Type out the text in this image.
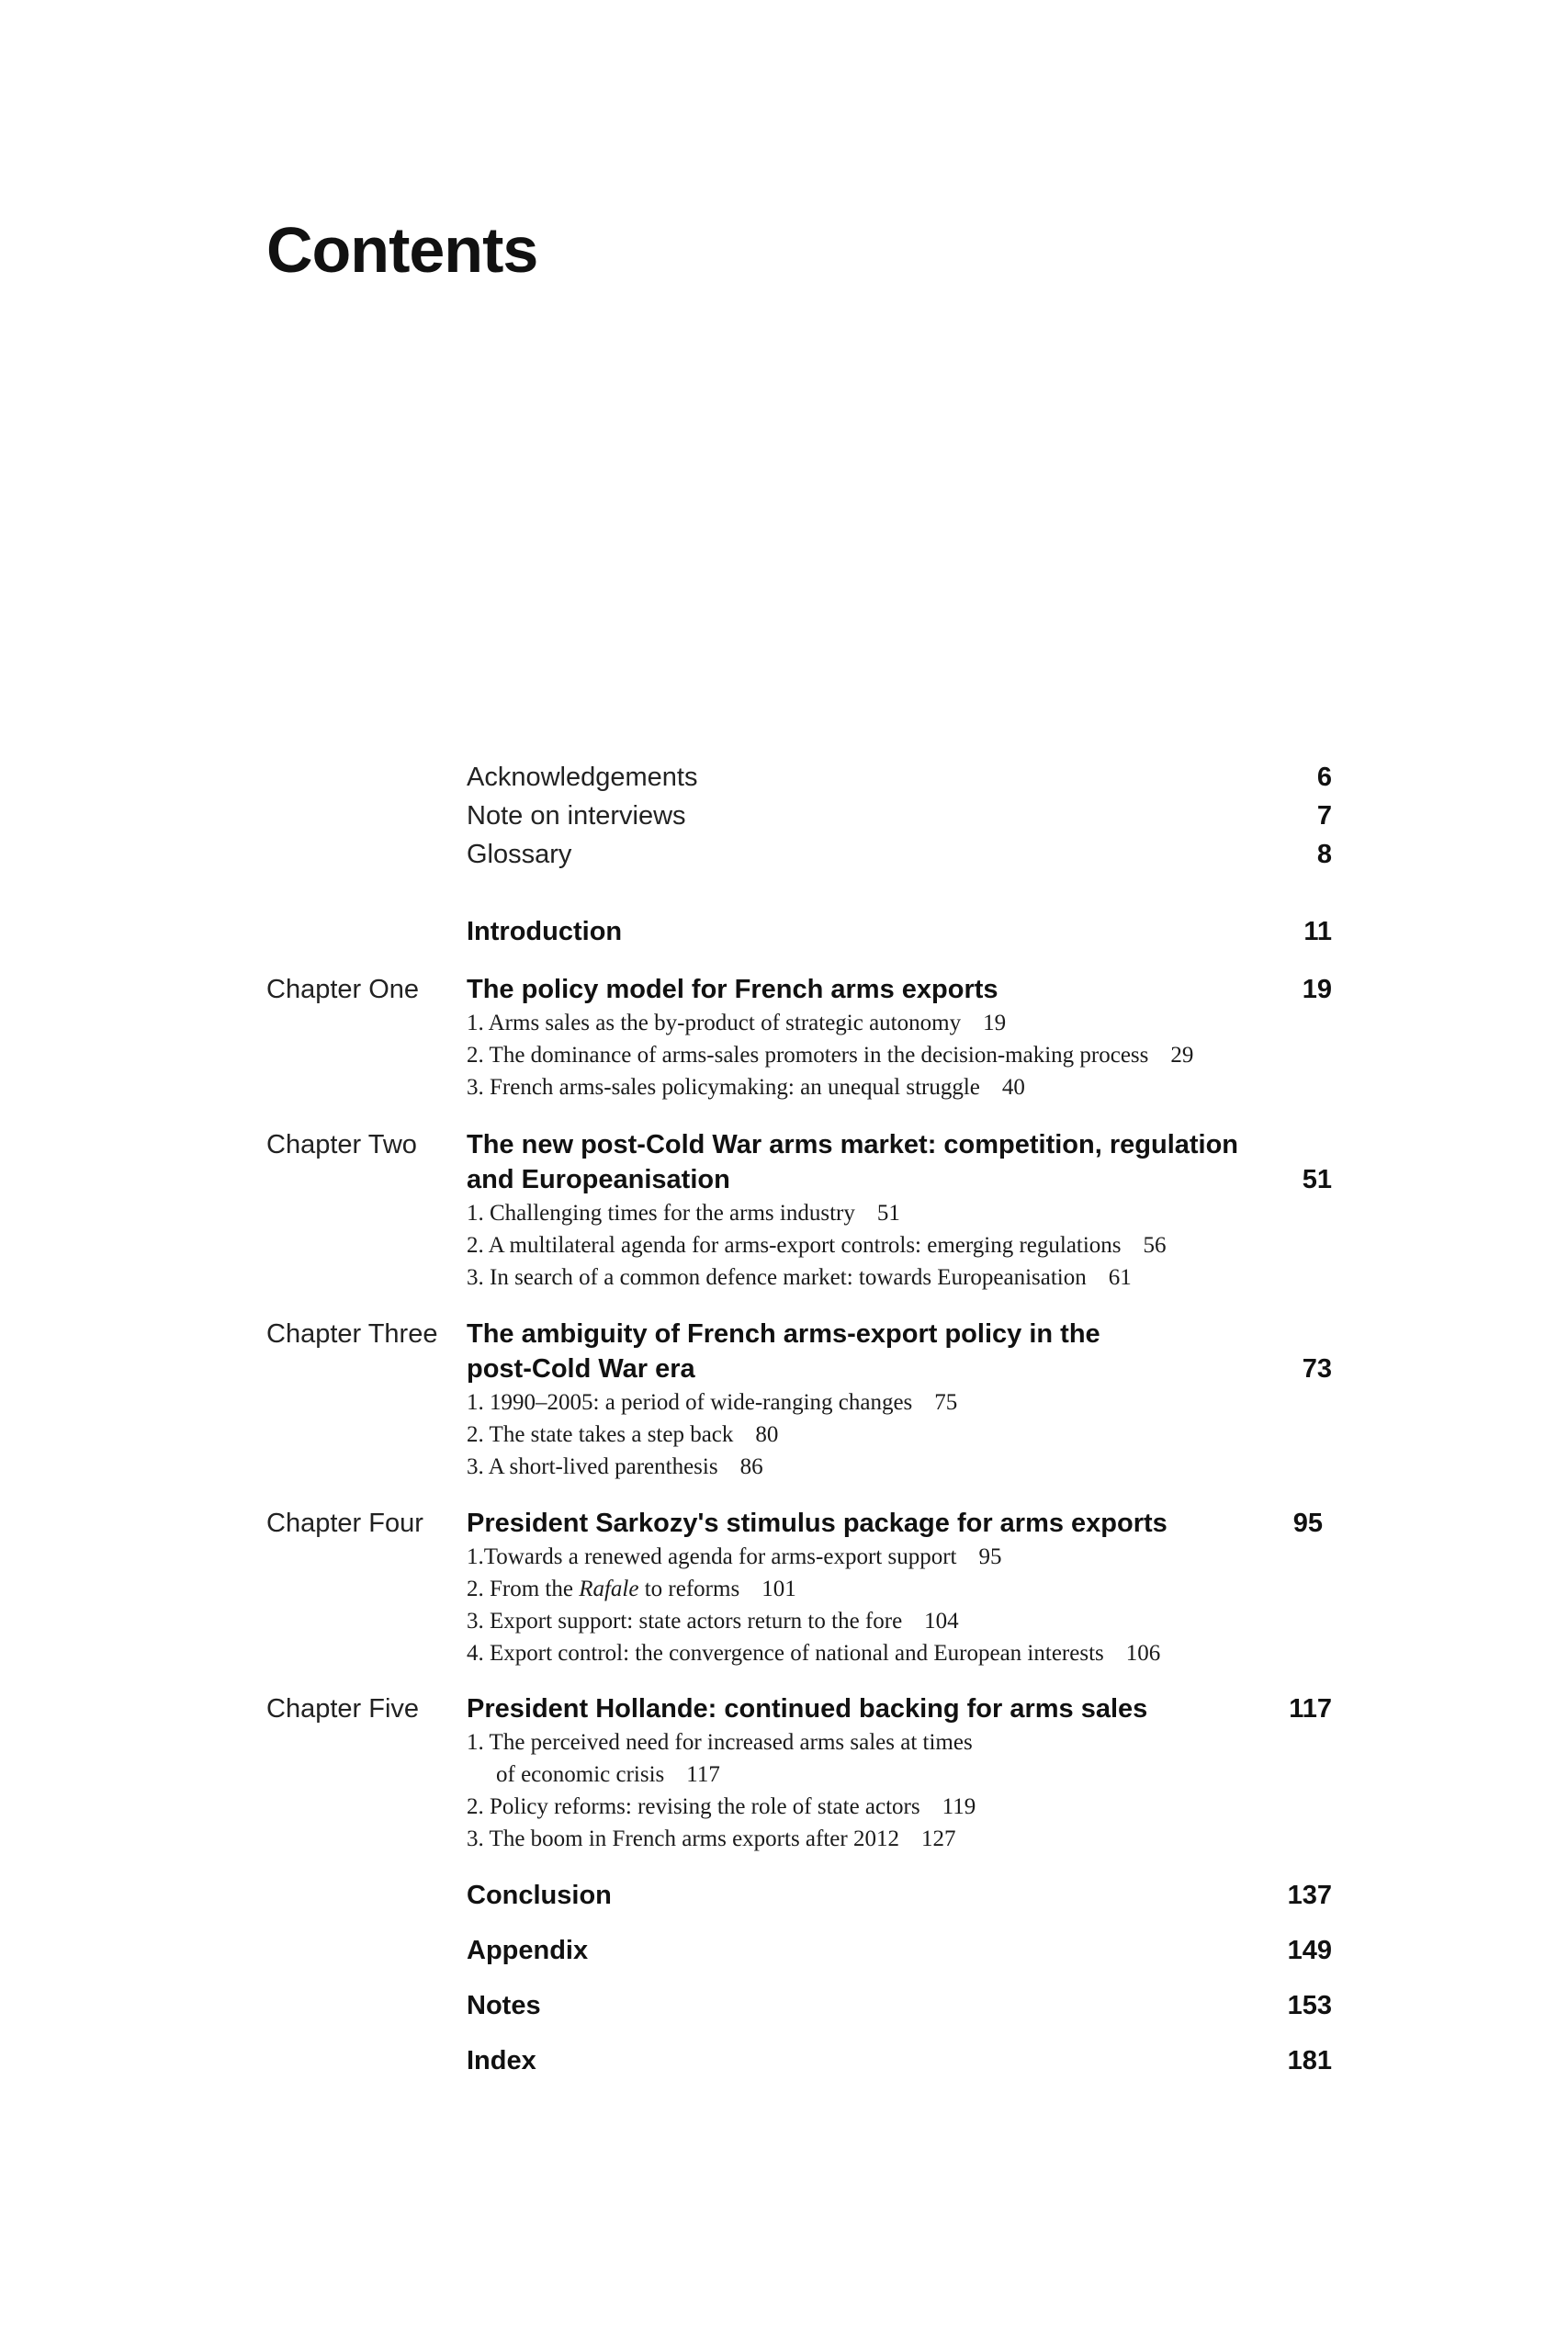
Contents
Acknowledgements	6
Note on interviews	7
Glossary	8
Introduction	11
Chapter One The policy model for French arms exports	19
1. Arms sales as the by-product of strategic autonomy 19
2. The dominance of arms-sales promoters in the decision-making process 29
3. French arms-sales policymaking: an unequal struggle 40
Chapter Two The new post-Cold War arms market: competition, regulation
and Europeanisation	51
1. Challenging times for the arms industry 51
2. A multilateral agenda for arms-export controls: emerging regulations 56
3. In search of a common defence market: towards Europeanisation 61
Chapter Three The ambiguity of French arms-export policy in the
post-Cold War era	73
1. 1990–2005: a period of wide-ranging changes 75
2. The state takes a step back 80
3. A short-lived parenthesis 86
Chapter Four President Sarkozy's stimulus package for arms exports	95
1.Towards a renewed agenda for arms-export support 95
2. From the Rafale to reforms 101
3. Export support: state actors return to the fore 104
4. Export control: the convergence of national and European interests 106
Chapter Five President Hollande: continued backing for arms sales	117
1. The perceived need for increased arms sales at times
of economic crisis 117
2. Policy reforms: revising the role of state actors 119
3. The boom in French arms exports after 2012 127
Conclusion	137
Appendix	149
Notes	153
Index	181
